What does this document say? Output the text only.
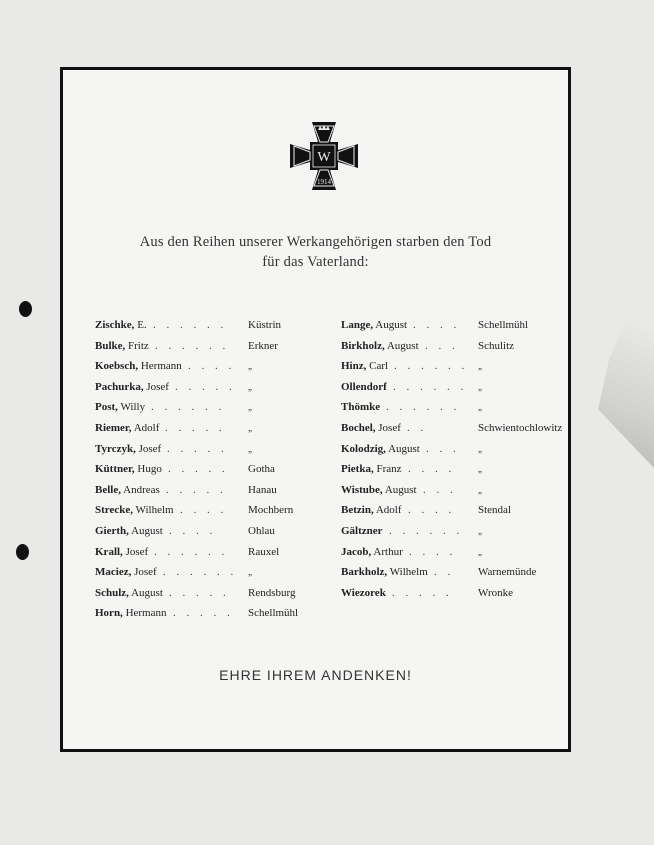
W
1914
Aus den Reihen unserer Werkangehörigen starben den Tod
für das Vaterland:
Zischke, E. . . . . . . Küstrin
Bulke, Fritz . . . . . . Erkner
Koebsch, Hermann . . . . „
Pachurka, Josef . . . . . „
Post, Willy . . . . . .	„
Riemer, Adolf . . . . . „
Tyrczyk, Josef . . . . . „
Küttner, Hugo . . . . . Gotha
Belle, Andreas . . . . . Hanau
Strecke, Wilhelm . . . . Mochbern
Gierth, August . . . .	Ohlau
Krall, Josef . . . . . . Rauxel
Maciez, Josef . . . . . . „
Schulz, August . . . . . Rendsburg
Horn, Hermann . . . . . Schellmühl
Lange, August . . . . Schellmühl
Birkholz, August . . . Schulitz
Hinz, Carl . . . . . . „
Ollendorf . . . . . . „
Thömke . . . . . . „
Bochel, Josef . .	Schwientochlowitz
Kolodzig, August . . . „
Pietka, Franz . . . .	„
Wistube, August . . . „
Betzin, Adolf . . . . Stendal
Gältzner . . . . . . „
Jacob, Arthur . . . . „
Barkholz, Wilhelm . . Warnemünde
Wiezorek . . . . . Wronke
EHRE IHREM ANDENKEN!
